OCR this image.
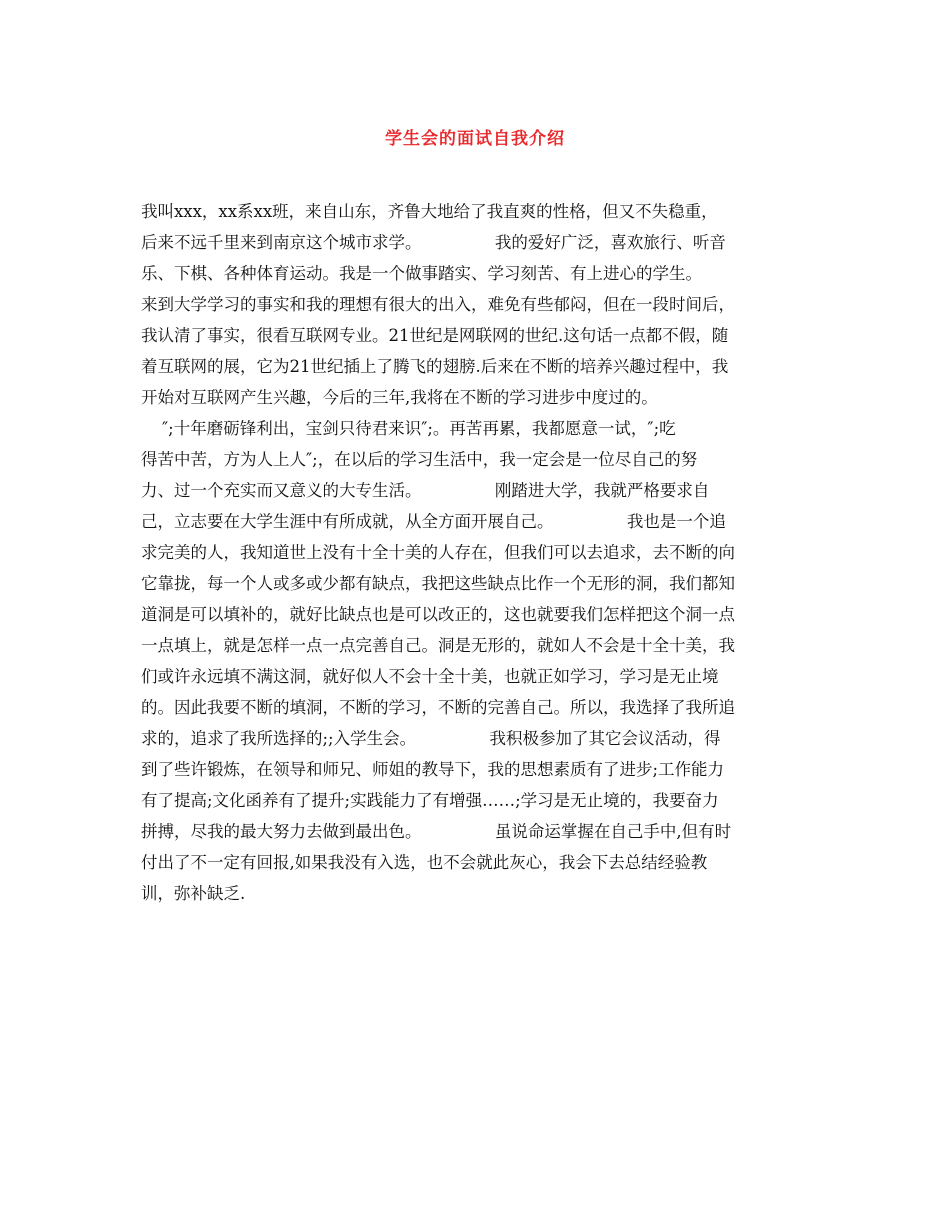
学生会的面试自我介绍
我叫xxx，xx系xx班，来自山东，齐鲁大地给了我直爽的性格，但又不失稳重，
后来不远千里来到南京这个城市求学。              我的爱好广泛，喜欢旅行、听音
乐、下棋、各种体育运动。我是一个做事踏实、学习刻苦、有上进心的学生。
来到大学学习的事实和我的理想有很大的出入，难免有些郁闷，但在一段时间后，
我认清了事实，很看互联网专业。21世纪是网联网的世纪.这句话一点都不假，随
着互联网的展，它为21世纪插上了腾飞的翅膀.后来在不断的培养兴趣过程中，我
开始对互联网产生兴趣，今后的三年,我将在不断的学习进步中度过的。
″;十年磨砺锋利出，宝剑只待君来识″;。再苦再累，我都愿意一试，″;吃
得苦中苦，方为人上人″;，在以后的学习生活中，我一定会是一位尽自己的努
力、过一个充实而又意义的大专生活。              刚踏进大学，我就严格要求自
己，立志要在大学生涯中有所成就，从全方面开展自己。              我也是一个追
求完美的人，我知道世上没有十全十美的人存在，但我们可以去追求，去不断的向
它靠拢，每一个人或多或少都有缺点，我把这些缺点比作一个无形的洞，我们都知
道洞是可以填补的，就好比缺点也是可以改正的，这也就要我们怎样把这个洞一点
一点填上，就是怎样一点一点完善自己。洞是无形的，就如人不会是十全十美，我
们或许永远填不满这洞，就好似人不会十全十美，也就正如学习，学习是无止境
的。因此我要不断的填洞，不断的学习，不断的完善自己。所以，我选择了我所追
求的，追求了我所选择的;;入学生会。              我积极参加了其它会议活动，得
到了些许锻炼，在领导和师兄、师姐的教导下，我的思想素质有了进步;工作能力
有了提高;文化函养有了提升;实践能力了有增强……;学习是无止境的，我要奋力
拼搏，尽我的最大努力去做到最出色。              虽说命运掌握在自己手中,但有时
付出了不一定有回报,如果我没有入选，也不会就此灰心，我会下去总结经验教
训，弥补缺乏.
